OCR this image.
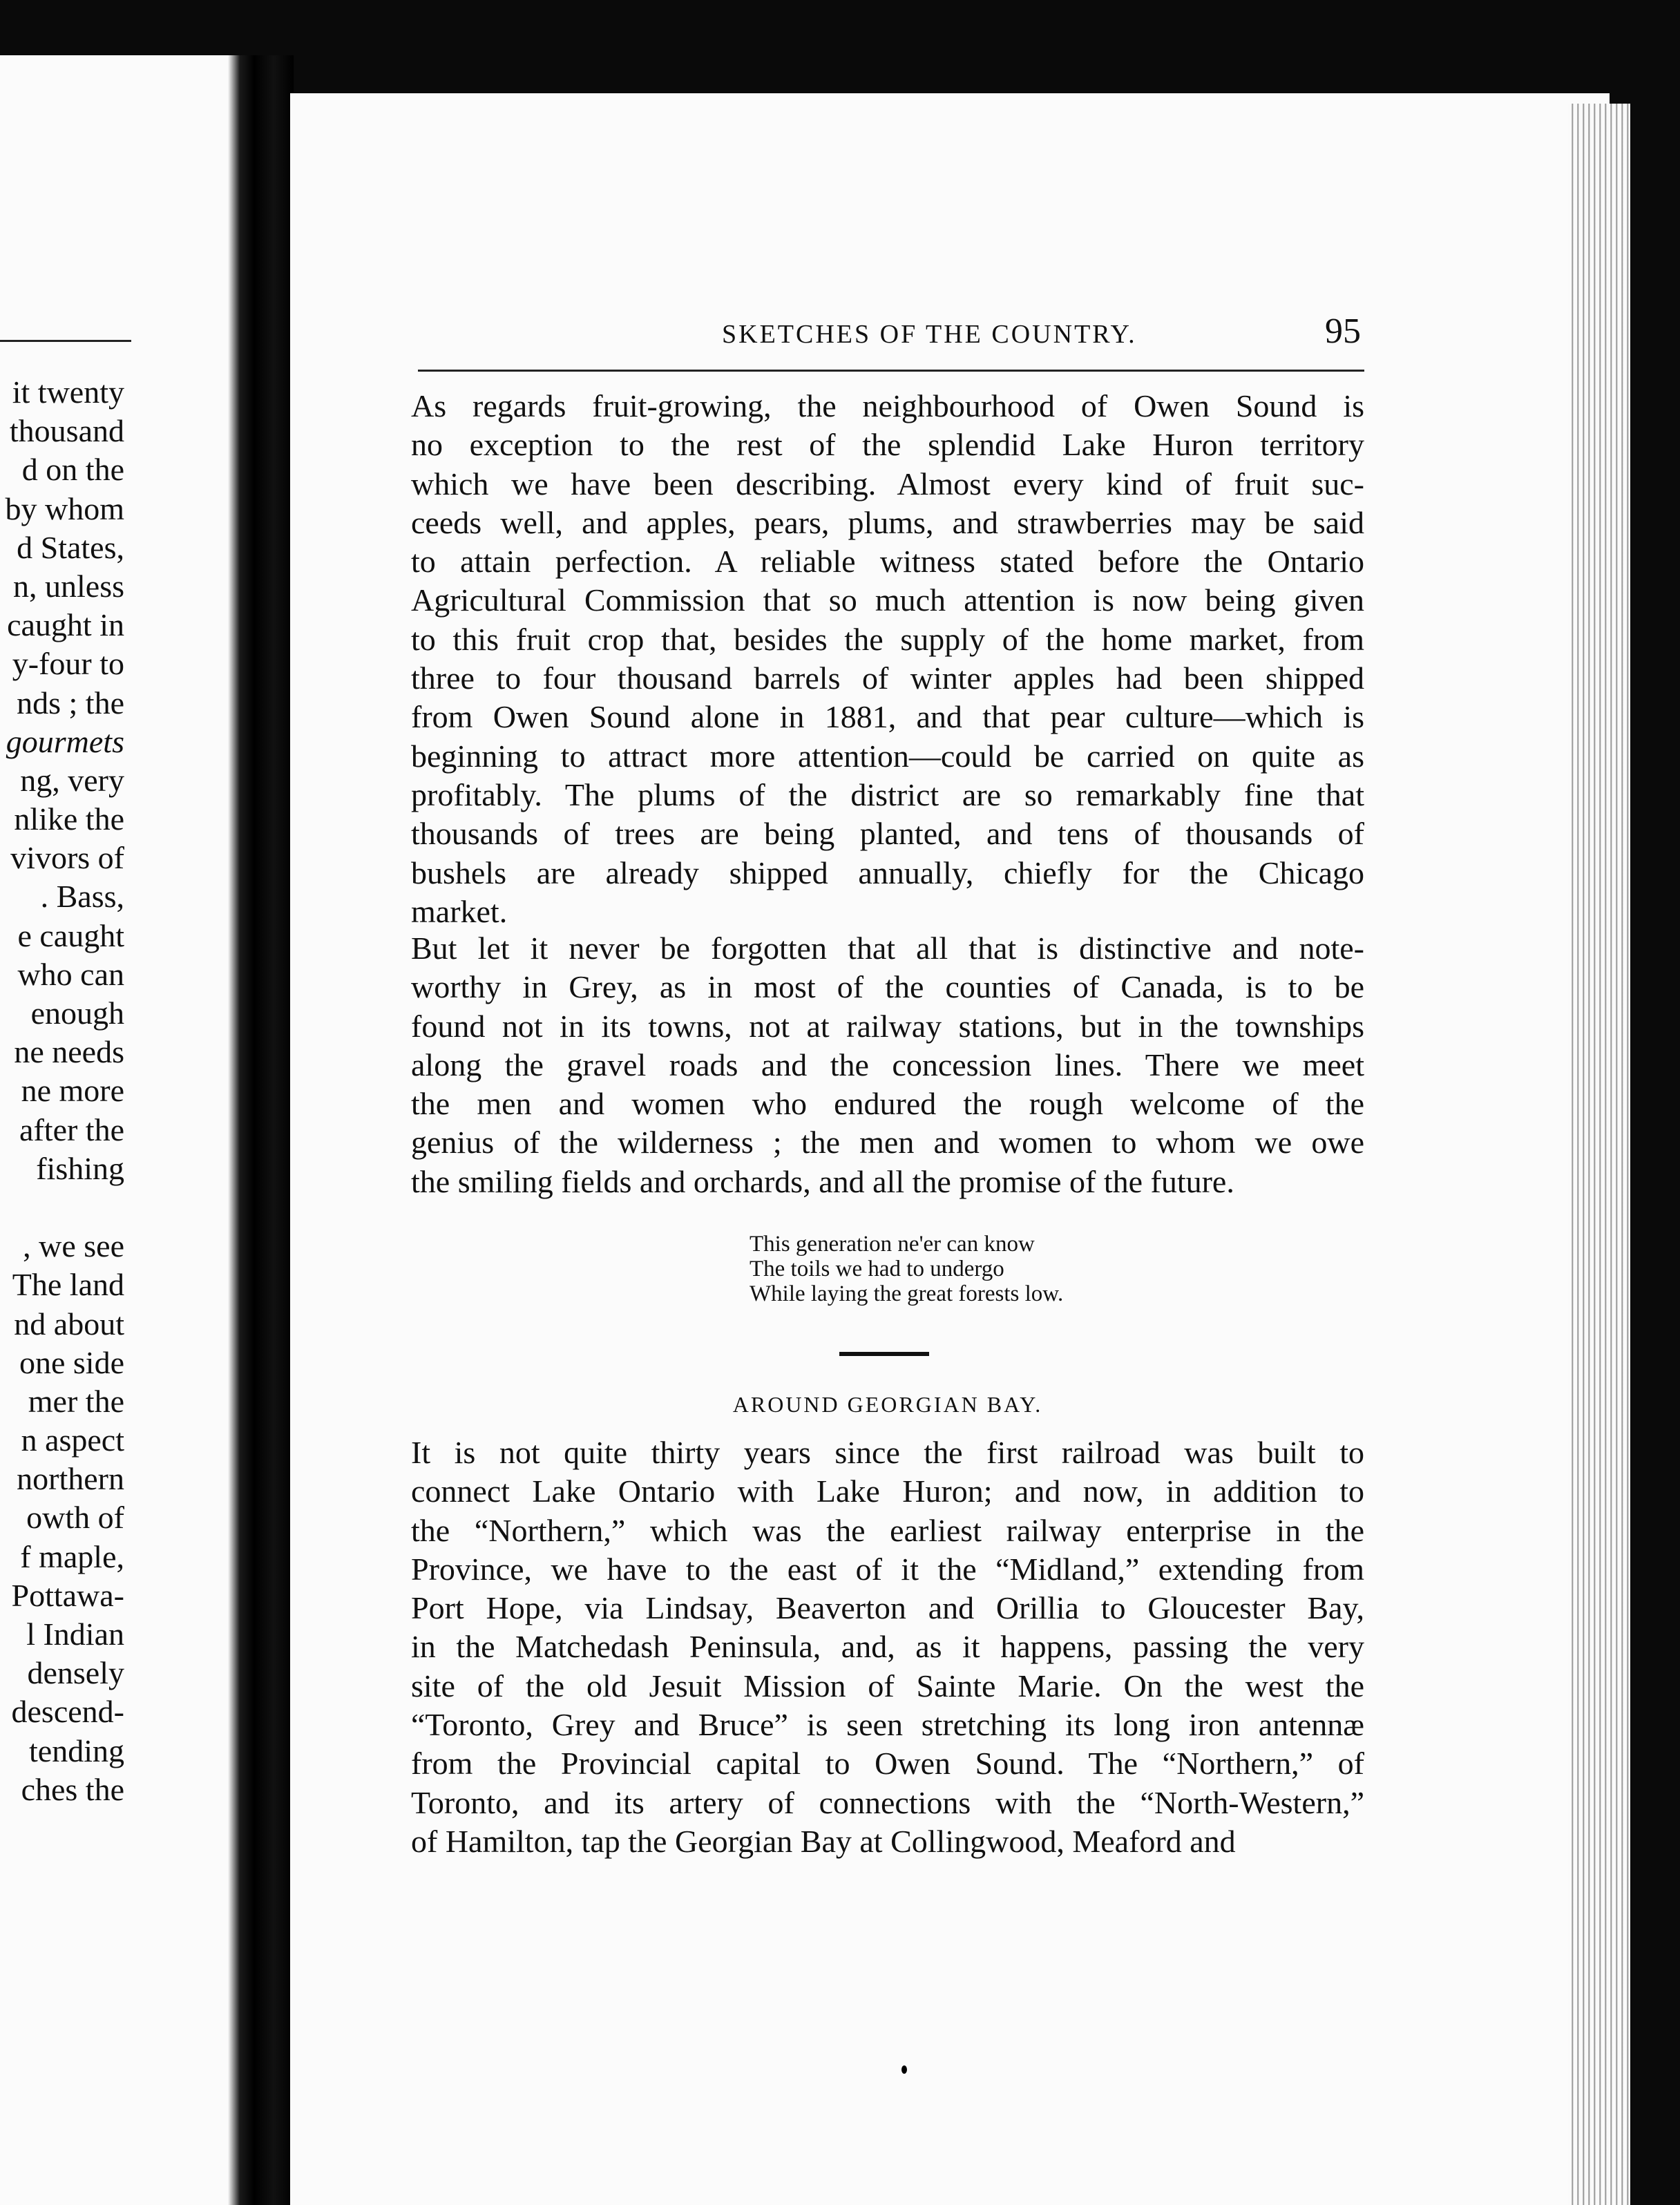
it twenty
thousand
d on the
by whom
d States,
n, unless
caught in
y-four to
nds ; the
gourmets
ng, very
nlike the
vivors of
. Bass,
e caught
who can
enough
ne needs
ne more
after the
fishing
, we see
The land
nd about
one side
mer the
n aspect
northern
owth of
f maple,
Pottawa-
l Indian
densely
descend-
tending
ches the
SKETCHES OF THE COUNTRY.	95
As regards fruit-growing, the neighbourhood of Owen Sound is
no exception to the rest of the splendid Lake Huron territory
which we have been describing. Almost every kind of fruit suc-
ceeds well, and apples, pears, plums, and strawberries may be said
to attain perfection. A reliable witness stated before the Ontario
Agricultural Commission that so much attention is now being given
to this fruit crop that, besides the supply of the home market, from
three to four thousand barrels of winter apples had been shipped
from Owen Sound alone in 1881, and that pear culture—which is
beginning to attract more attention—could be carried on quite as
profitably. The plums of the district are so remarkably fine that
thousands of trees are being planted, and tens of thousands of
bushels are already shipped annually, chiefly for the Chicago
market.
But let it never be forgotten that all that is distinctive and note-
worthy in Grey, as in most of the counties of Canada, is to be
found not in its towns, not at railway stations, but in the townships
along the gravel roads and the concession lines. There we meet
the men and women who endured the rough welcome of the
genius of the wilderness ; the men and women to whom we owe
the smiling fields and orchards, and all the promise of the future.
This generation ne'er can know
The toils we had to undergo
While laying the great forests low.
AROUND GEORGIAN BAY.
It is not quite thirty years since the first railroad was built to
connect Lake Ontario with Lake Huron; and now, in addition to
the “Northern,” which was the earliest railway enterprise in the
Province, we have to the east of it the “Midland,” extending from
Port Hope, via Lindsay, Beaverton and Orillia to Gloucester Bay,
in the Matchedash Peninsula, and, as it happens, passing the very
site of the old Jesuit Mission of Sainte Marie. On the west the
“Toronto, Grey and Bruce” is seen stretching its long iron antennæ
from the Provincial capital to Owen Sound. The “Northern,” of
Toronto, and its artery of connections with the “North-Western,”
of Hamilton, tap the Georgian Bay at Collingwood, Meaford and
